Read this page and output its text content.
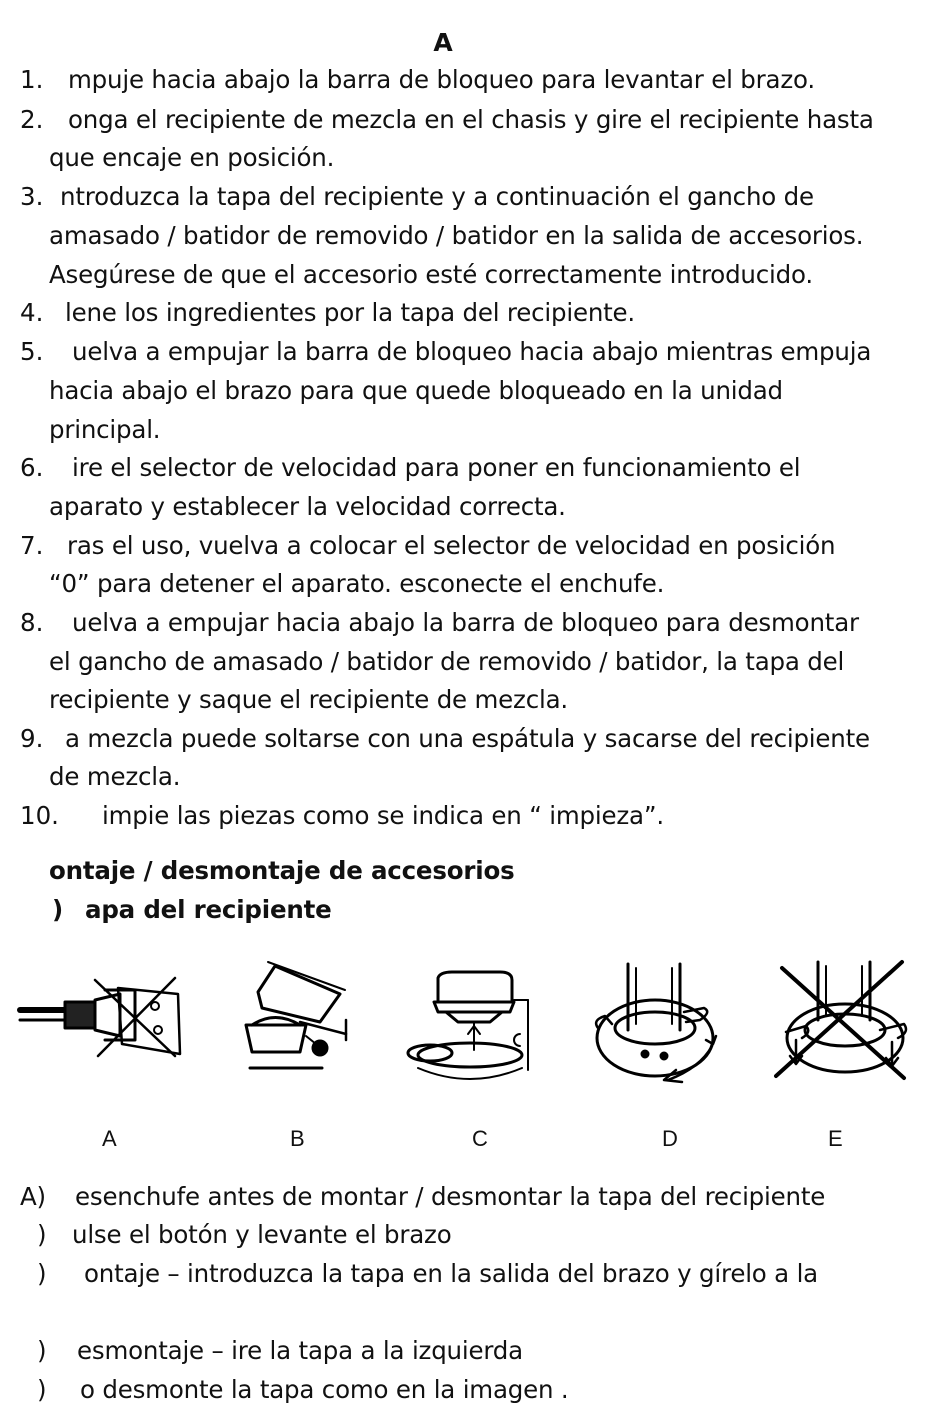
A
1. mpuje hacia abajo la barra de bloqueo para levantar el brazo.
2. onga el recipiente de mezcla en el chasis y gire el recipiente hasta
que encaje en posición.
3. ntroduzca la tapa del recipiente y a continuación el gancho de
amasado / batidor de removido / batidor en la salida de accesorios.
Asegúrese de que el accesorio esté correctamente introducido.
4. lene los ingredientes por la tapa del recipiente.
5. uelva a empujar la barra de bloqueo hacia abajo mientras empuja
hacia abajo el brazo para que quede bloqueado en la unidad
principal.
6. ire el selector de velocidad para poner en funcionamiento el
aparato y establecer la velocidad correcta.
7. ras el uso, vuelva a colocar el selector de velocidad en posición
“0” para detener el aparato. esconecte el enchufe.
8. uelva a empujar hacia abajo la barra de bloqueo para desmontar
el gancho de amasado / batidor de removido / batidor, la tapa del
recipiente y saque el recipiente de mezcla.
9. a mezcla puede soltarse con una espátula y sacarse del recipiente
de mezcla.
10. impie las piezas como se indica en “ impieza”.
ontaje / desmontaje de accesorios
) apa del recipiente
A	B	C	D	E
A) esenchufe antes de montar / desmontar la tapa del recipiente
) ulse el botón y levante el brazo
) ontaje – introduzca la tapa en la salida del brazo y gírelo a la
) esmontaje – ire la tapa a la izquierda
) o desmonte la tapa como en la imagen .
